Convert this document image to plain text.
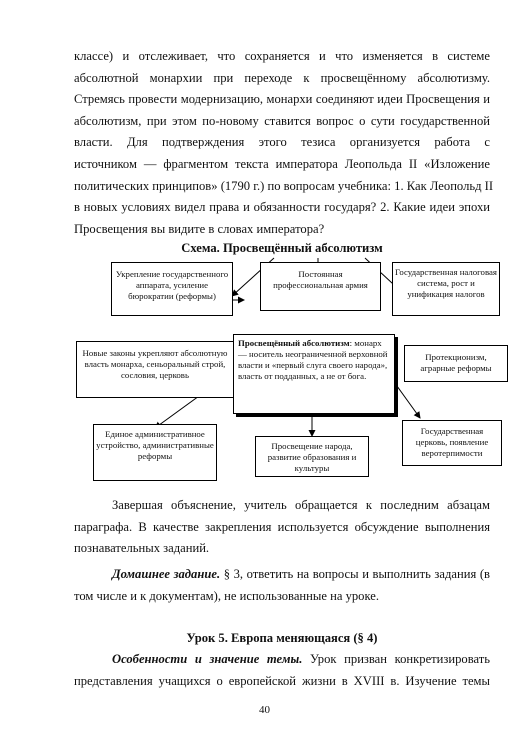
классе) и отслеживает, что сохраняется и что изменяется в системе
абсолютной монархии при переходе к просвещённому абсолютизму.
Стремясь провести модернизацию, монархи соединяют идеи Просвещения и
абсолютизм, при этом по-новому ставится вопрос о сути государственной
власти. Для подтверждения этого тезиса организуется работа с
источником — фрагментом текста императора Леопольда II «Изложение
политических принципов» (1790 г.) по вопросам учебника: 1. Как Леопольд II
в новых условиях видел права и обязанности государя? 2. Какие идеи эпохи
Просвещения вы видите в словах императора?
Схема. Просвещённый абсолютизм
Укрепление государственного аппарата, усиление бюрократии (реформы)
Постоянная профессиональная армия
Государственная налоговая система, рост и унификация налогов
Новые законы укрепляют абсолютную власть монарха, сеньоральный строй, сословия, церковь
Протекционизм, аграрные реформы
Просвещённый абсолютизм: монарх — носитель неограниченной верховной власти и «первый слуга своего народа», власть от подданных, а не от бога.
Единое административное устройство, административные реформы
Просвещение народа, развитие образования и культуры
Государственная церковь, появление веротерпимости
Завершая объяснение, учитель обращается к последним абзацам
параграфа. В качестве закрепления используется обсуждение выполнения
познавательных заданий.
Домашнее задание. § 3, ответить на вопросы и выполнить задания (в
том числе и к документам), не использованные на уроке.
Урок 5. Европа меняющаяся (§ 4)
Особенности и значение темы. Урок призван конкретизировать
представления учащихся о европейской жизни в XVIII в. Изучение темы
40
